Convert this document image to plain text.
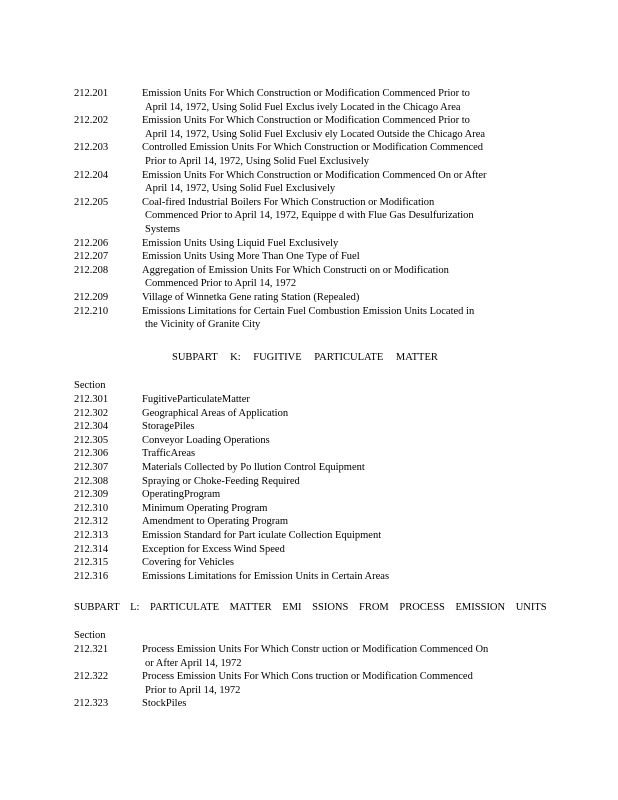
212.201	Emission Units For Which Construction or Modification Commenced Prior to
April 14, 1972, Using Solid Fuel Exclus ively Located in the Chicago Area
212.202	Emission Units For Which Construction or Modification Commenced Prior to
April 14, 1972, Using Solid Fuel Exclusiv ely Located Outside the Chicago Area
212.203	Controlled Emission Units For Which Construction or Modification Commenced
Prior to April 14, 1972, Using Solid Fuel Exclusively
212.204	Emission Units For Which Construction or Modification Commenced On or After
April 14, 1972, Using Solid Fuel Exclusively
212.205	Coal-fired Industrial Boilers For Which Construction or Modification
Commenced Prior to April 14, 1972, Equippe d with Flue Gas Desulfurization
Systems
212.206	Emission Units Using Liquid Fuel Exclusively
212.207	Emission Units Using More Than One Type of Fuel
212.208	Aggregation of Emission Units For Which Constructi on or Modification
Commenced Prior to April 14, 1972
212.209	Village of Winnetka Gene rating Station (Repealed)
212.210	Emissions Limitations for Certain Fuel Combustion Emission Units Located in
the Vicinity of Granite City
SUBPART K: FUGITIVE PARTICULATE MATTER
Section
212.301	FugitiveParticulateMatter
212.302	Geographical Areas of Application
212.304	StoragePiles
212.305	Conveyor Loading Operations
212.306	TrafficAreas
212.307	Materials Collected by Po llution Control Equipment
212.308	Spraying or Choke-Feeding Required
212.309	OperatingProgram
212.310	Minimum Operating Program
212.312	Amendment to Operating Program
212.313	Emission Standard for Part iculate Collection Equipment
212.314	Exception for Excess Wind Speed
212.315	Covering for Vehicles
212.316	Emissions Limitations for Emission Units in Certain Areas
SUBPART L: PARTICULATE MATTER EMI SSIONS FROM PROCESS EMISSION UNITS
Section
212.321	Process Emission Units For Which Constr uction or Modification Commenced On
or After April 14, 1972
212.322	Process Emission Units For Which Cons truction or Modification Commenced
Prior to April 14, 1972
212.323	StockPiles
